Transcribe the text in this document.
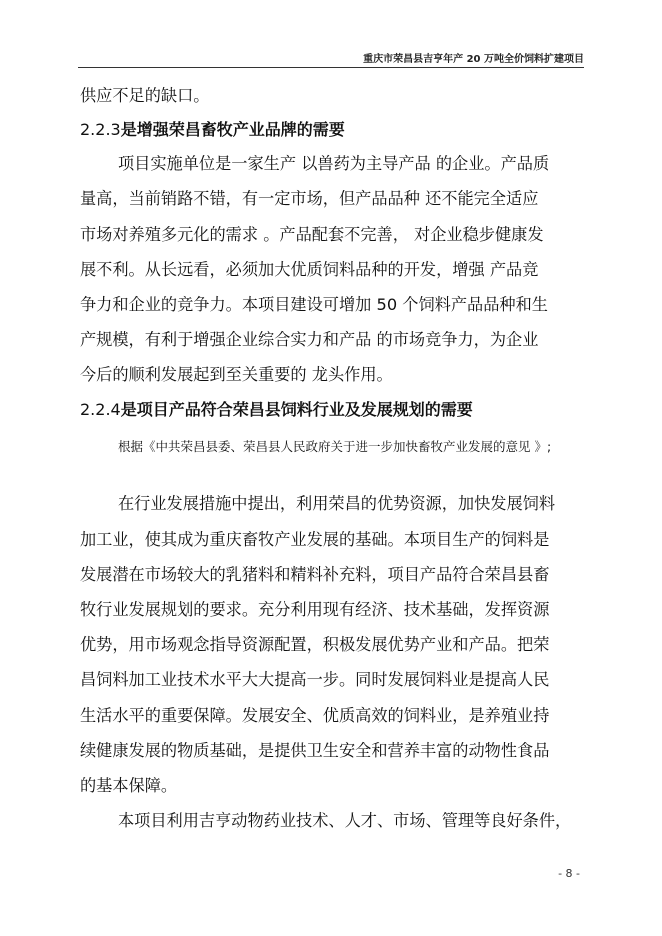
重庆市荣昌县吉亨年产 20 万吨全价饲料扩建项目
供应不足的缺口。
2.2.3是增强荣昌畜牧产业品牌的需要
项目实施单位是一家生产 以兽药为主导产品 的企业。产品质
量高，当前销路不错，有一定市场，但产品品种 还不能完全适应
市场对养殖多元化的需求 。产品配套不完善， 对企业稳步健康发
展不利。从长远看，必须加大优质饲料品种的开发，增强 产品竞
争力和企业的竞争力。本项目建设可增加 50 个饲料产品品种和生
产规模，有利于增强企业综合实力和产品 的市场竞争力，为企业
今后的顺利发展起到至关重要的 龙头作用。
2.2.4是项目产品符合荣昌县饲料行业及发展规划的需要
根据《中共荣昌县委、荣昌县人民政府关于进一步加快畜牧产业发展的意见 》;
在行业发展措施中提出，利用荣昌的优势资源，加快发展饲料
加工业，使其成为重庆畜牧产业发展的基础。本项目生产的饲料是
发展潜在市场较大的乳猪料和精料补充料，项目产品符合荣昌县畜
牧行业发展规划的要求。充分利用现有经济、技术基础，发挥资源
优势，用市场观念指导资源配置，积极发展优势产业和产品。把荣
昌饲料加工业技术水平大大提高一步。同时发展饲料业是提高人民
生活水平的重要保障。发展安全、优质高效的饲料业，是养殖业持
续健康发展的物质基础，是提供卫生安全和营养丰富的动物性食品
的基本保障。
本项目利用吉亨动物药业技术、人才、市场、管理等良好条件，
- 8 -
